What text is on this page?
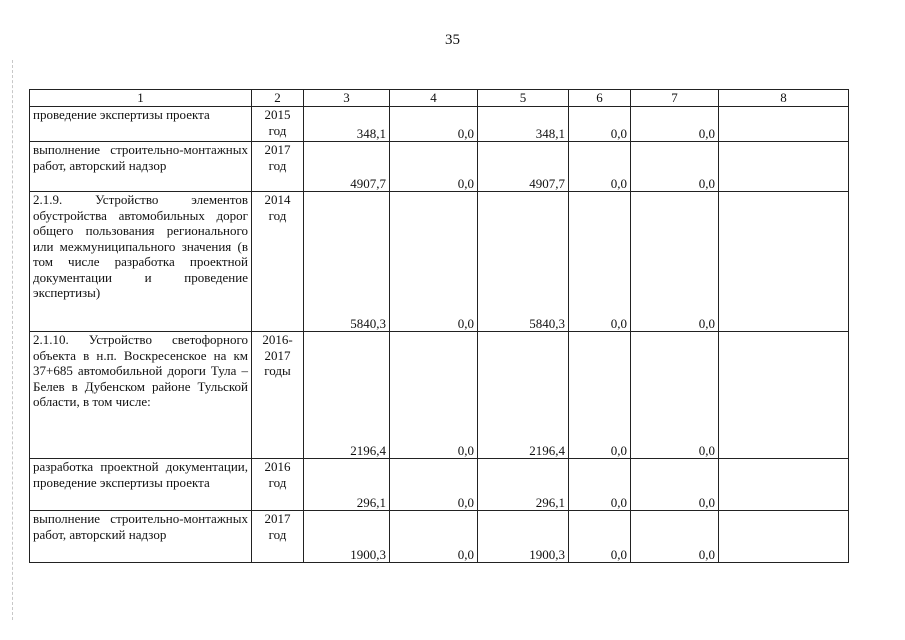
35
1	2	3	4	5	6	7	8
проведение экспертизы проекта	2015 год	348,1	0,0	348,1	0,0	0,0	
выполнение строительно-монтажных работ, авторский надзор	2017 год	4907,7	0,0	4907,7	0,0	0,0	
2.1.9. Устройство элементов обустройства автомобильных дорог общего пользования регионального или межмуниципального значения (в том числе разработка проектной документации и проведение экспертизы)	2014 год	5840,3	0,0	5840,3	0,0	0,0	
2.1.10. Устройство светофорного объекта в н.п. Воскресенское на км 37+685 автомобильной дороги Тула – Белев в Дубенском районе Тульской области, в том числе:	2016-2017 годы	2196,4	0,0	2196,4	0,0	0,0	
разработка проектной документации, проведение экспертизы проекта	2016 год	296,1	0,0	296,1	0,0	0,0	
выполнение строительно-монтажных работ, авторский надзор	2017 год	1900,3	0,0	1900,3	0,0	0,0	
